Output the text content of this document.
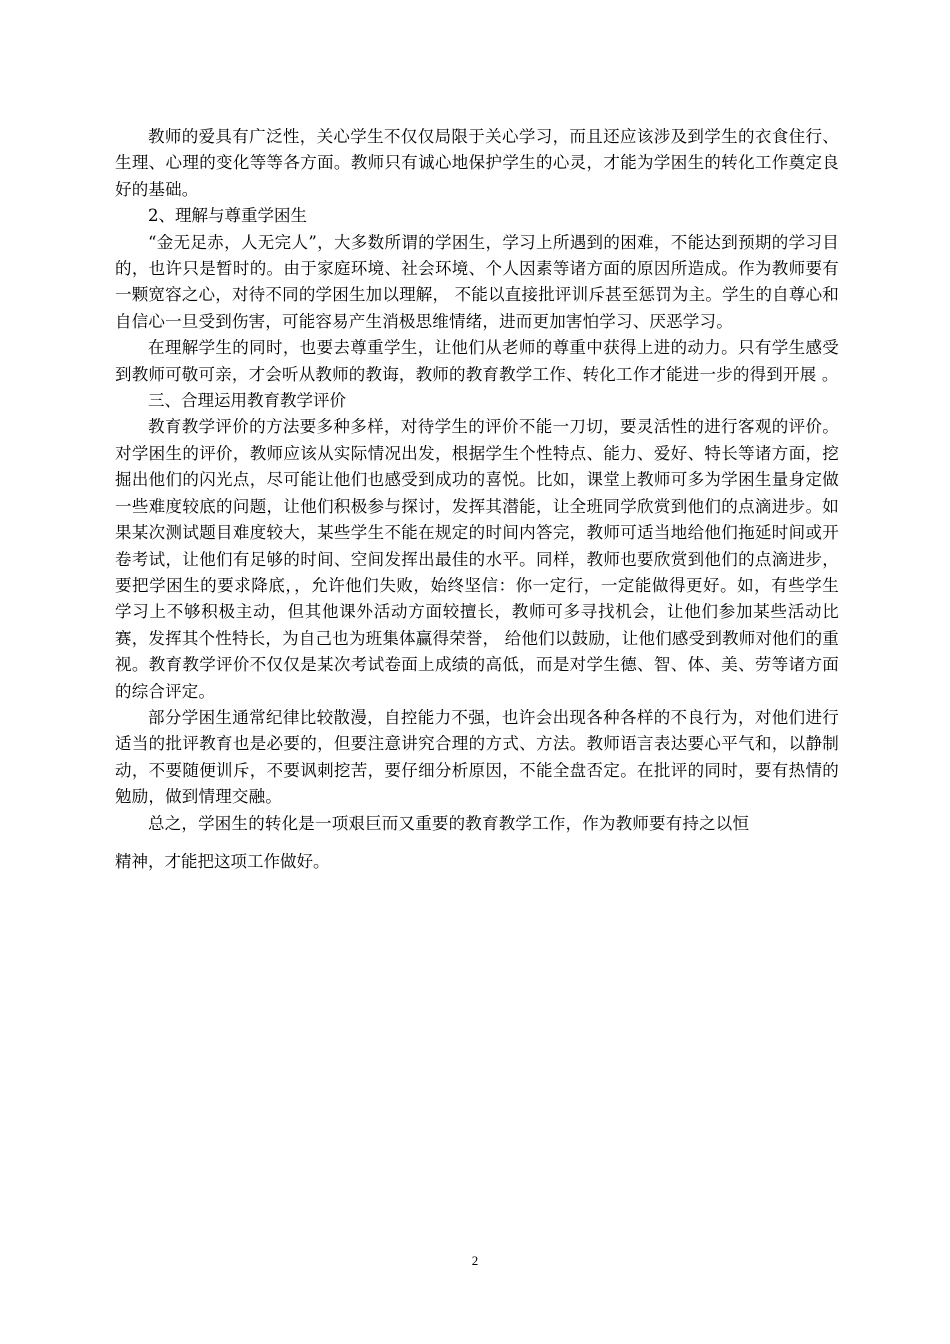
教师的爱具有广泛性，关心学生不仅仅局限于关心学习，而且还应该涉及到学生的衣食住行、生理、心理的变化等等各方面。教师只有诚心地保护学生的心灵，才能为学困生的转化工作奠定良好的基础。

2、理解与尊重学困生

“金无足赤，人无完人”，大多数所谓的学困生，学习上所遇到的困难，不能达到预期的学习目的，也许只是暂时的。由于家庭环境、社会环境、个人因素等诸方面的原因所造成。作为教师要有一颗宽容之心，对待不同的学困生加以理解， 不能以直接批评训斥甚至惩罚为主。学生的自尊心和自信心一旦受到伤害，可能容易产生消极思维情绪，进而更加害怕学习、厌恶学习。

在理解学生的同时，也要去尊重学生，让他们从老师的尊重中获得上进的动力。只有学生感受到教师可敬可亲，才会听从教师的教诲，教师的教育教学工作、转化工作才能进一步的得到开展 。

三、合理运用教育教学评价

教育教学评价的方法要多种多样，对待学生的评价不能一刀切，要灵活性的进行客观的评价。对学困生的评价，教师应该从实际情况出发，根据学生个性特点、能力、爱好、特长等诸方面，挖掘出他们的闪光点，尽可能让他们也感受到成功的喜悦。比如，课堂上教师可多为学困生量身定做一些难度较底的问题，让他们积极参与探讨，发挥其潜能，让全班同学欣赏到他们的点滴进步。如果某次测试题目难度较大，某些学生不能在规定的时间内答完，教师可适当地给他们拖延时间或开卷考试，让他们有足够的时间、空间发挥出最佳的水平。同样，教师也要欣赏到他们的点滴进步，要把学困生的要求降底，，允许他们失败，始终坚信：你一定行，一定能做得更好。如，有些学生学习上不够积极主动，但其他课外活动方面较擅长，教师可多寻找机会，让他们参加某些活动比赛，发挥其个性特长，为自己也为班集体赢得荣誉， 给他们以鼓励，让他们感受到教师对他们的重视。教育教学评价不仅仅是某次考试卷面上成绩的高低，而是对学生德、智、体、美、劳等诸方面的综合评定。

部分学困生通常纪律比较散漫，自控能力不强，也许会出现各种各样的不良行为，对他们进行适当的批评教育也是必要的，但要注意讲究合理的方式、方法。教师语言表达要心平气和，以静制动，不要随便训斥，不要讽刺挖苦，要仔细分析原因，不能全盘否定。在批评的同时，要有热情的勉励，做到情理交融。

总之，学困生的转化是一项艰巨而又重要的教育教学工作，作为教师要有持之以恒

精神，才能把这项工作做好。

2
